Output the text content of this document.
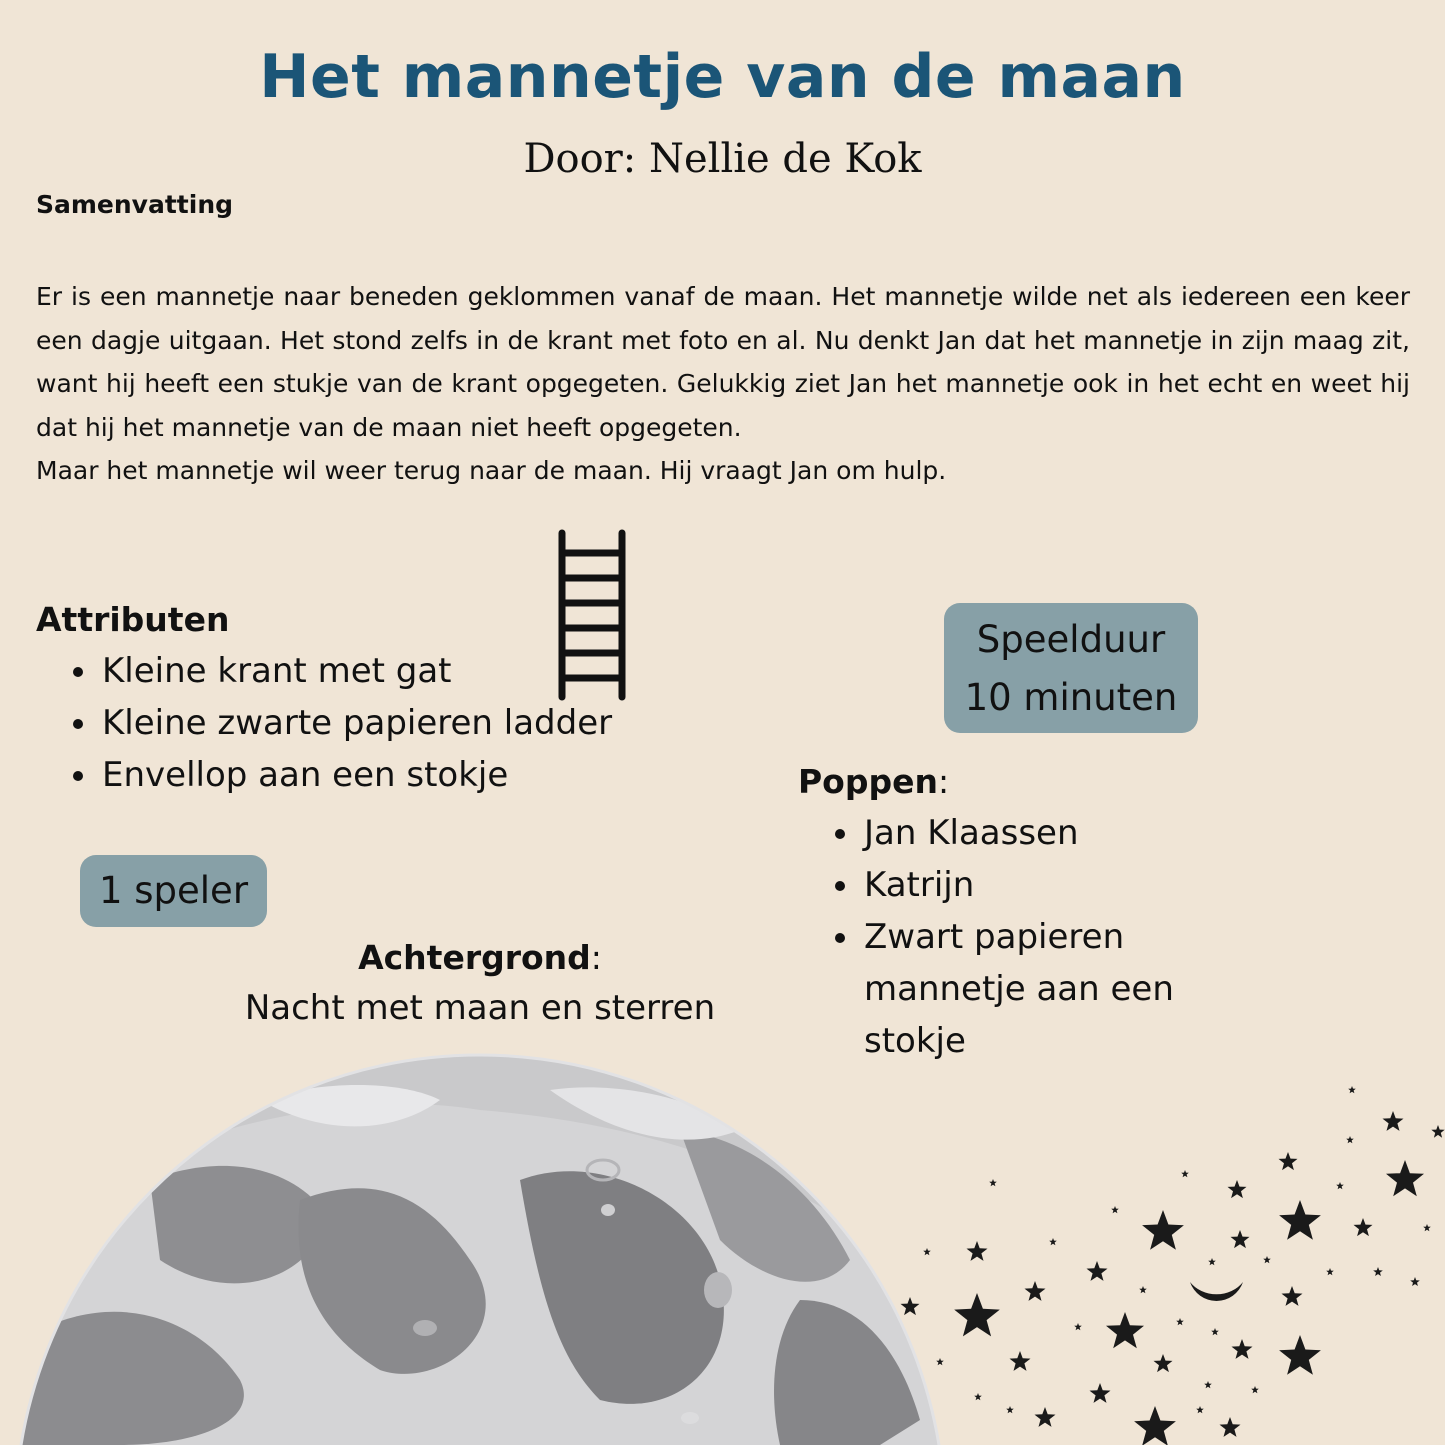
Het mannetje van de maan
Door: Nellie de Kok
Samenvatting

Er is een mannetje naar beneden geklommen vanaf de maan. Het mannetje wilde net als iedereen een keer een dagje uitgaan. Het stond zelfs in de krant met foto en al. Nu denkt Jan dat het mannetje in zijn maag zit, want hij heeft een stukje van de krant opgegeten. Gelukkig ziet Jan het mannetje ook in het echt en weet hij dat hij het mannetje van de maan niet heeft opgegeten.

Maar het mannetje wil weer terug naar de maan. Hij vraagt Jan om hulp.

Attributen
• Kleine krant met gat
• Kleine zwarte papieren ladder
• Envellop aan een stokje
Speelduur
10 minuten
1 speler
Poppen:
• Jan Klaassen
• Katrijn
• Zwart papieren mannetje aan een stokje
Achtergrond:
Nacht met maan en sterren
